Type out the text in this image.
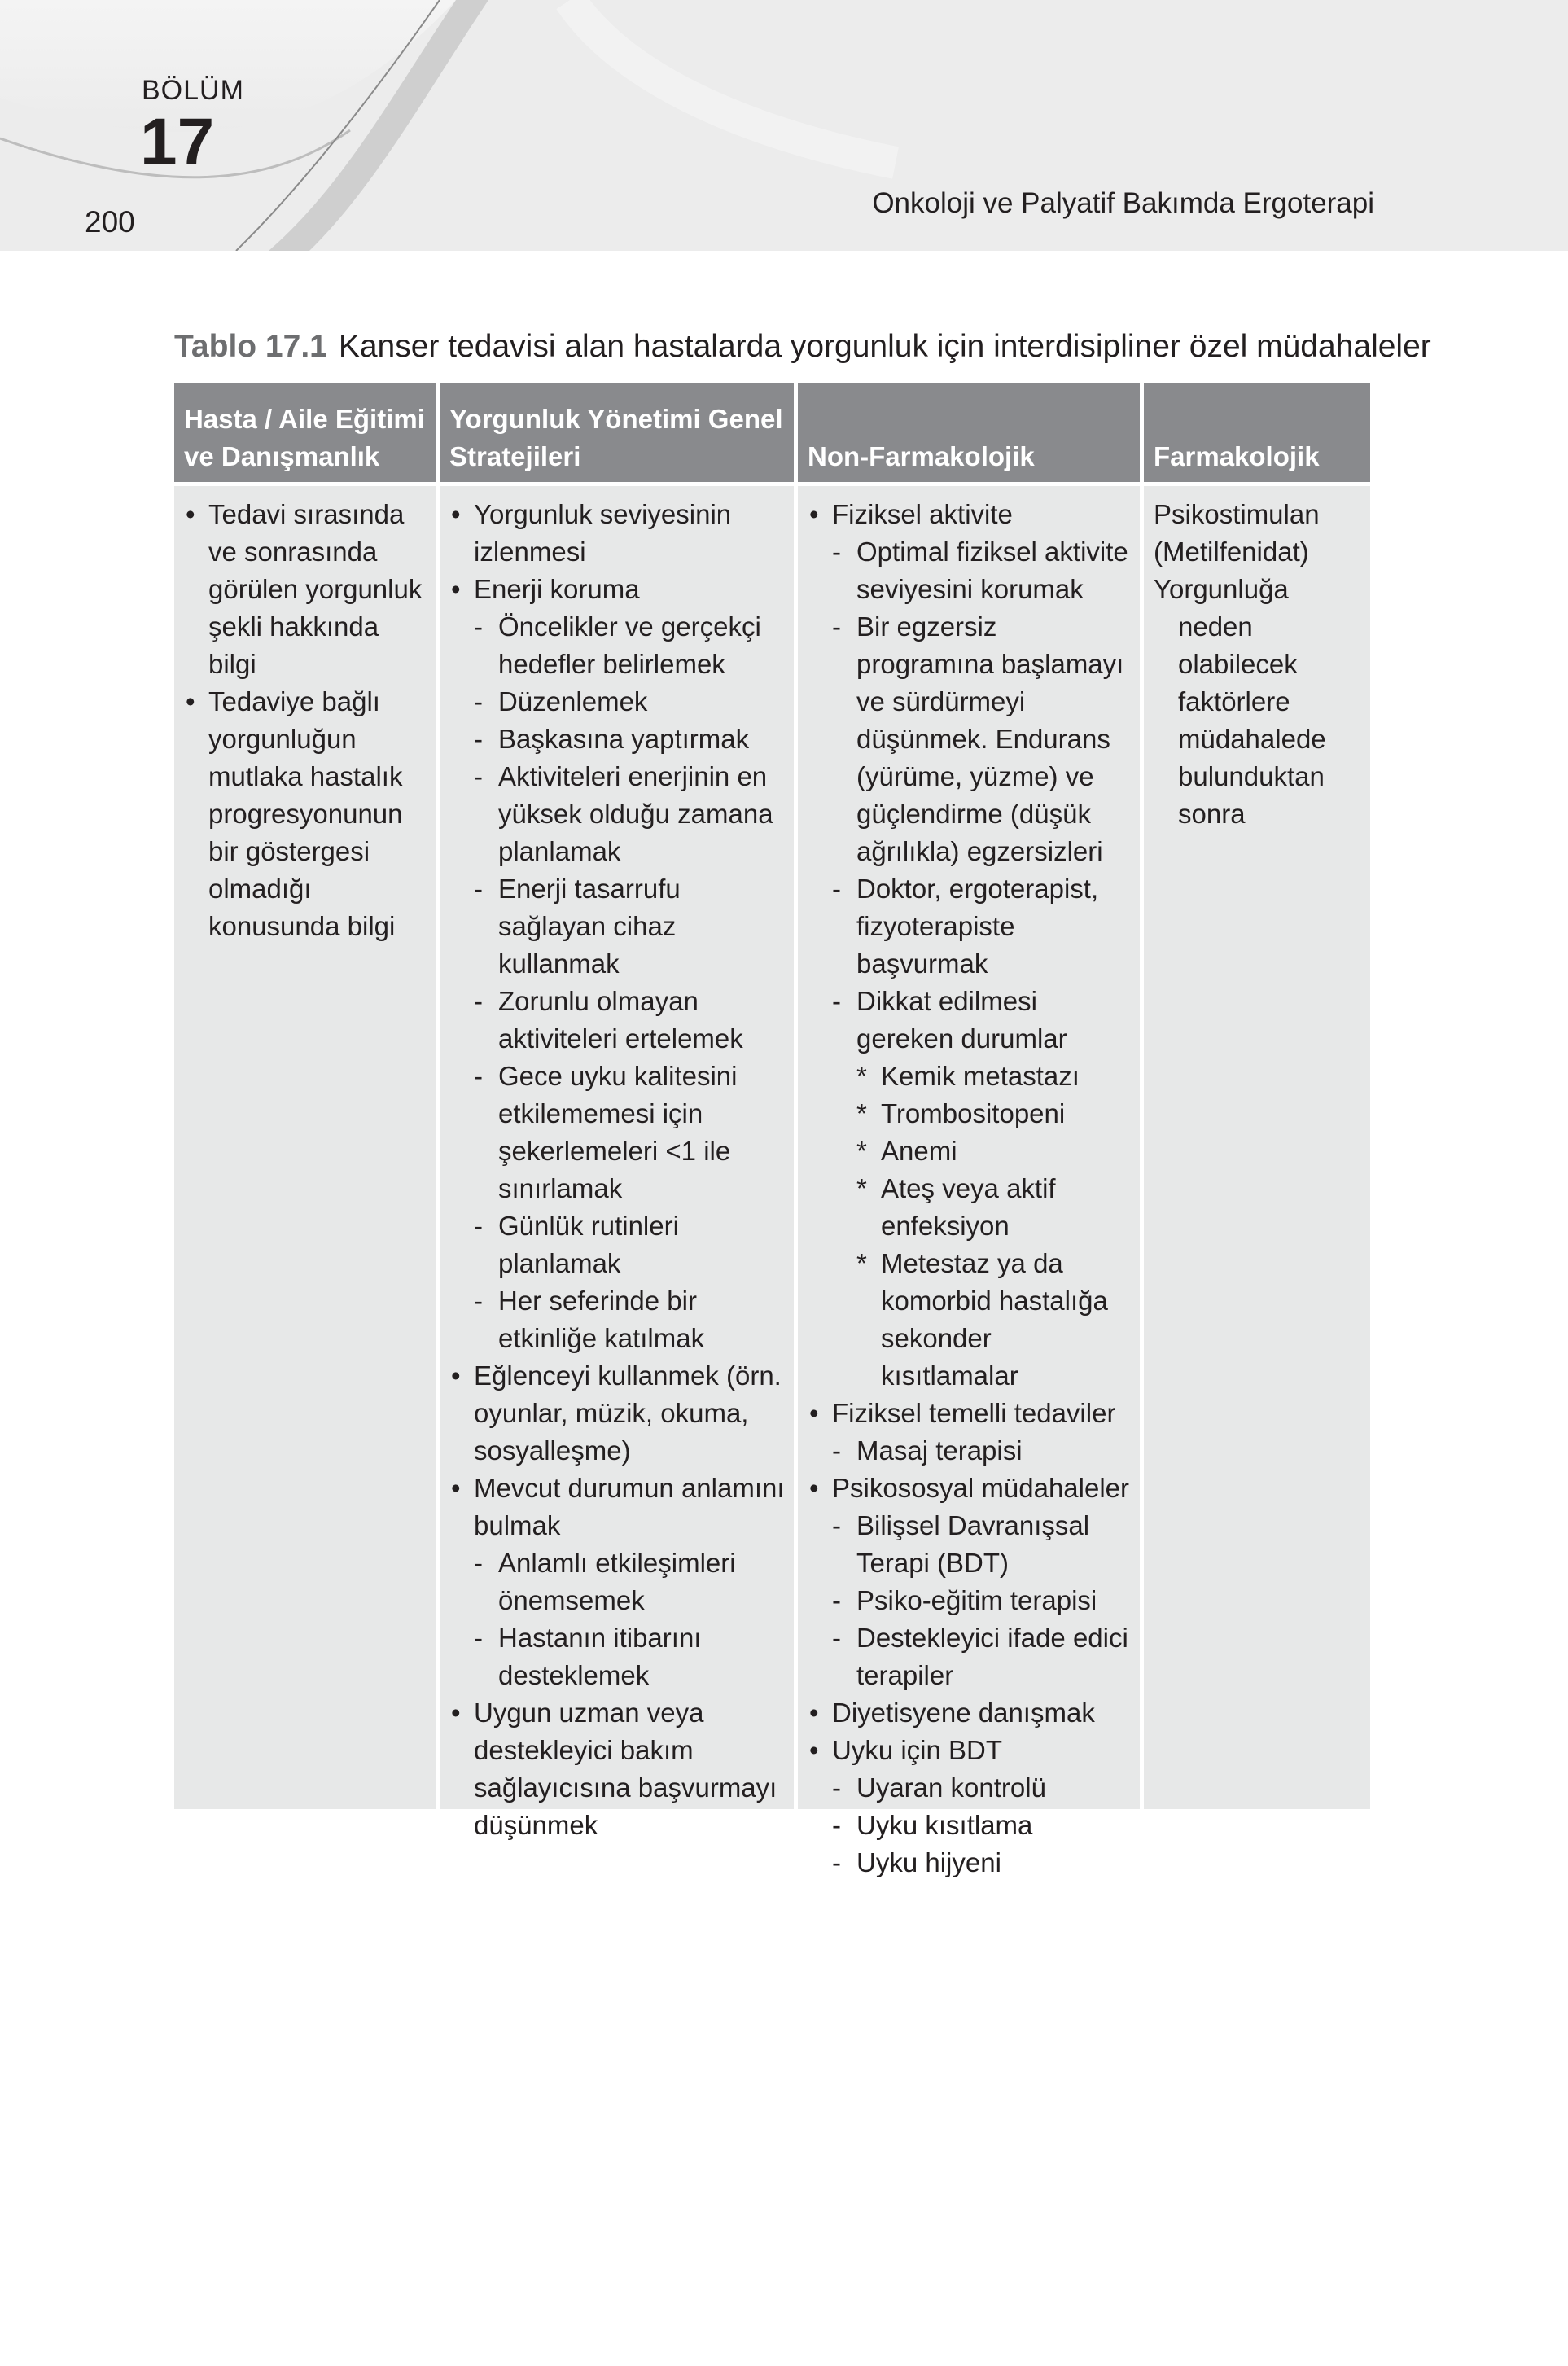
BÖLÜM
17
200
Onkoloji ve Palyatif Bakımda Ergoterapi
Tablo 17.1 Kanser tedavisi alan hastalarda yorgunluk için interdisipliner özel müdahaleler
Hasta / Aile Eğitimi
ve Danışmanlık
• Tedavi sırasında ve sonrasında görülen yorgunluk şekli hakkında bilgi
• Tedaviye bağlı yorgunluğun mutlaka hastalık progresyonunun bir göstergesi olmadığı konusunda bilgi
Yorgunluk Yönetimi Genel
Stratejileri
• Yorgunluk seviyesinin izlenmesi
• Enerji koruma
- Öncelikler ve gerçekçi hedefler belirlemek
- Düzenlemek
- Başkasına yaptırmak
- Aktiviteleri enerjinin en yüksek olduğu zamana planlamak
- Enerji tasarrufu sağlayan cihaz kullanmak
- Zorunlu olmayan aktiviteleri ertelemek
- Gece uyku kalitesini etkilememesi için şekerlemeleri <1 ile sınırlamak
- Günlük rutinleri planlamak
- Her seferinde bir etkinliğe katılmak
• Eğlenceyi kullanmek (örn. oyunlar, müzik, okuma, sosyalleşme)
• Mevcut durumun anlamını bulmak
- Anlamlı etkileşimleri önemsemek
- Hastanın itibarını desteklemek
• Uygun uzman veya destekleyici bakım sağlayıcısına başvurmayı düşünmek
Non-Farmakolojik
• Fiziksel aktivite
- Optimal fiziksel aktivite seviyesini korumak
- Bir egzersiz programına başlamayı ve sürdürmeyi düşünmek. Endurans (yürüme, yüzme) ve güçlendirme (düşük ağrılıkla) egzersizleri
- Doktor, ergoterapist, fizyoterapiste başvurmak
- Dikkat edilmesi gereken durumlar
* Kemik metastazı
* Trombositopeni
* Anemi
* Ateş veya aktif enfeksiyon
* Metestaz ya da komorbid hastalığa sekonder kısıtlamalar
• Fiziksel temelli tedaviler
- Masaj terapisi
• Psikososyal müdahaleler
- Bilişsel Davranışsal Terapi (BDT)
- Psiko-eğitim terapisi
- Destekleyici ifade edici terapiler
• Diyetisyene danışmak
• Uyku için BDT
- Uyaran kontrolü
- Uyku kısıtlama
- Uyku hijyeni
Farmakolojik
Psikostimulan (Metilfenidat)
Yorgunluğa neden olabilecek faktörlere müdahalede bulunduktan sonra
